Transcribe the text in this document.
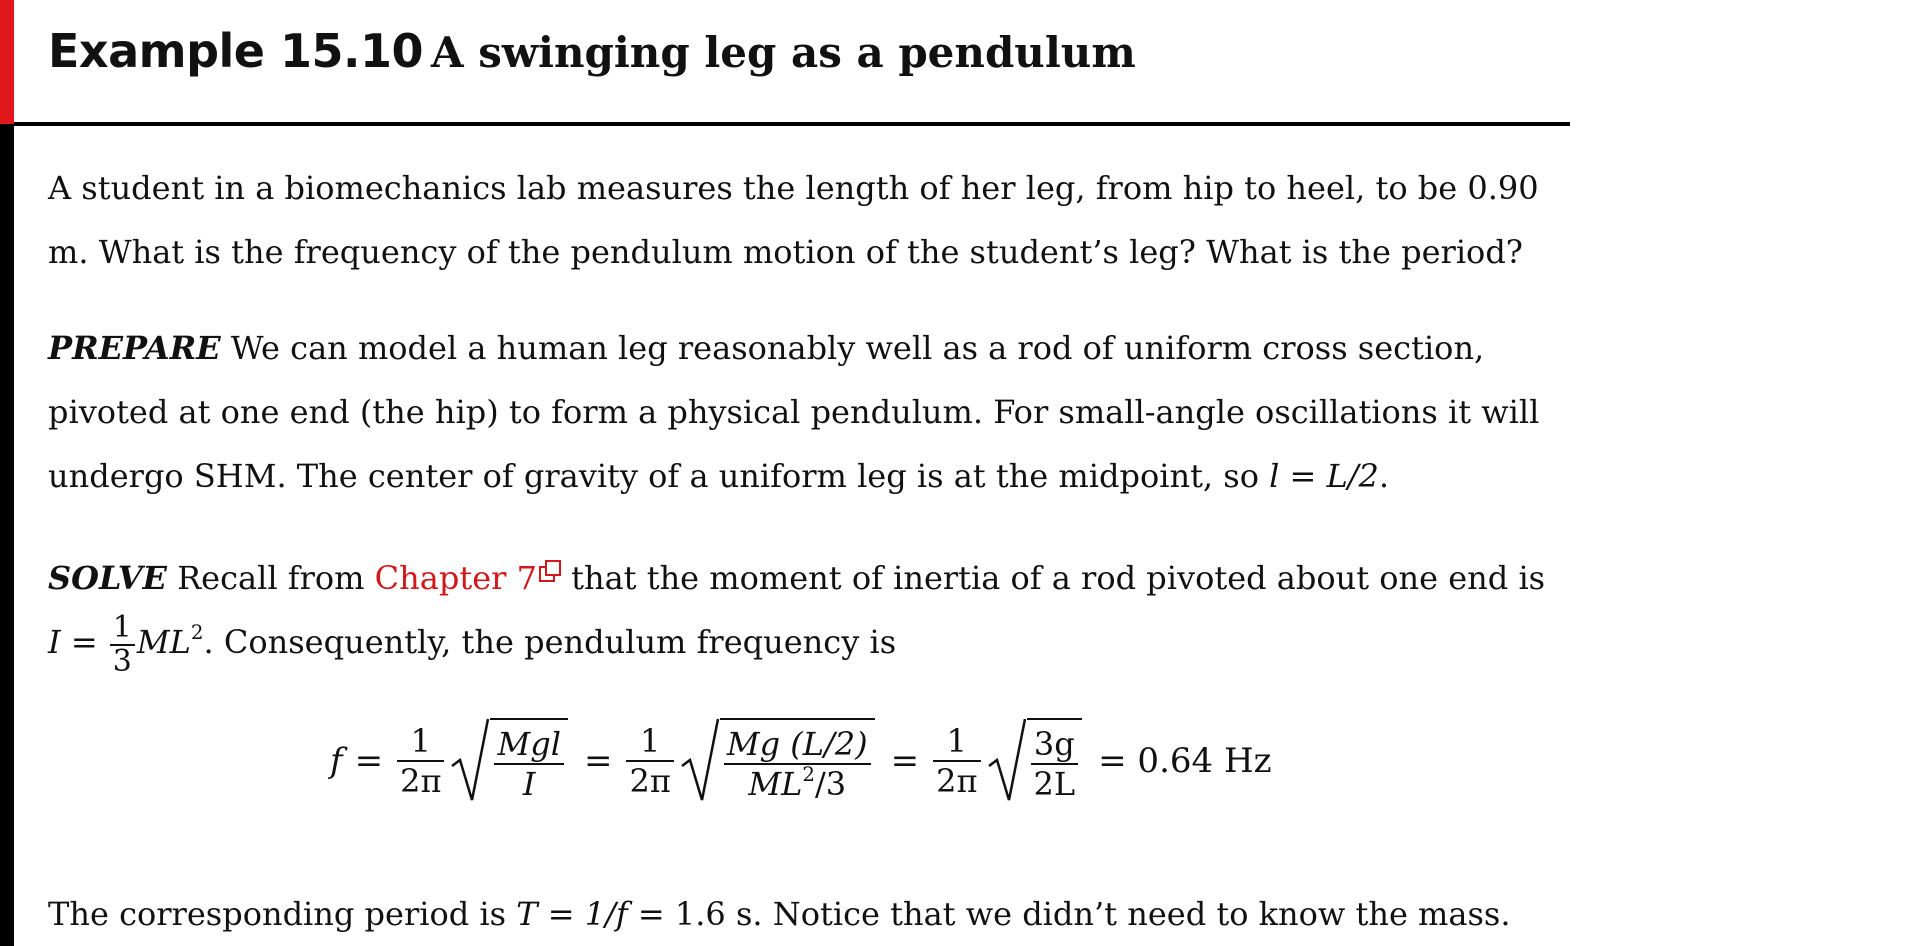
Example 15.10 A swinging leg as a pendulum

A student in a biomechanics lab measures the length of her leg, from hip to heel, to be 0.90 m. What is the frequency of the pendulum motion of the student’s leg? What is the period?

PREPARE We can model a human leg reasonably well as a rod of uniform cross section, pivoted at one end (the hip) to form a physical pendulum. For small-angle oscillations it will undergo SHM. The center of gravity of a uniform leg is at the midpoint, so l = L/2.

SOLVE Recall from Chapter 7
that the moment of inertia of a rod pivoted about one end is
$I = \frac{1}{3} ML^2$. Consequently, the pendulum frequency is

$f = \frac{1}{2\pi} \frac{\text{Mgl}}{I} = \frac{1}{2\pi} \frac{Mg (L/2)}{ML^2/3} = \frac{1}{2\pi} \frac{3g}{2L} = 0.64$ Hz

The corresponding period is T = 1/f = 1.6 s. Notice that we didn’t need to know the mass.
